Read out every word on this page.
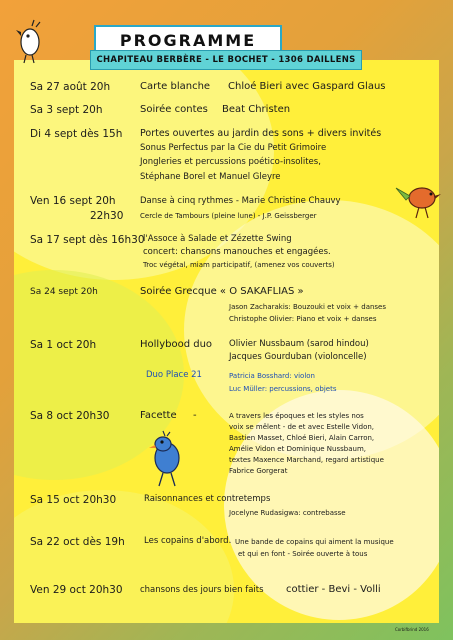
PROGRAMME
CHAPITEAU BERBÈRE - LE BOCHET - 1306 DAILLENS
Sa 27 août 20h	Carte blanche Chloé Bieri avec Gaspard Glaus
Sa 3 sept 20h	Soirée contes Beat Christen
Di 4 sept dès 15h Portes ouvertes au jardin des sons + divers invités
Sonus Perfectus par la Cie du Petit Grimoire
Jongleries et percussions poético-insolites,
Stéphane Borel et Manuel Gleyre
Ven 16 sept 20h
22h30
Danse à cinq rythmes - Marie Christine Chauvy
Cercle de Tambours (pleine lune) - J.P. Geissberger
Sa 17 sept dès 16h30
l'Assoce à Salade et Zézette Swing
concert: chansons manouches et engagées.
Troc végétal, miam participatif, (amenez vos couverts)
Sa 24 sept 20h	Soirée Grecque « O SAKAFLIAS »
Jason Zacharakis: Bouzouki et voix + danses
Christophe Olivier: Piano et voix + danses
Sa 1 oct 20h	Hollybood duo Olivier Nussbaum (sarod hindou)
Jacques Gourduban (violoncelle)
Duo Place 21	Patricia Bosshard: violon
Luc Müller: percussions, objets
Sa 8 oct 20h30	Facette -	A travers les époques et les styles nos
voix se mêlent - de et avec Estelle Vidon,
Bastien Masset, Chloé Bieri, Alain Carron,
Amélie Vidon et Dominique Nussbaum,
textes Maxence Marchand, regard artistique
Fabrice Gorgerat
Sa 15 oct 20h30	Raisonnances et contretemps
Jocelyne Rudasigwa: contrebasse
Sa 22 oct dès 19h Les copains d'abord. Une bande de copains qui aiment la musique
et qui en font - Soirée ouverte à tous
Ven 29 oct 20h30 chansons des jours bien faits cottier - Bevi - Volli
Corbifbrind 2016
